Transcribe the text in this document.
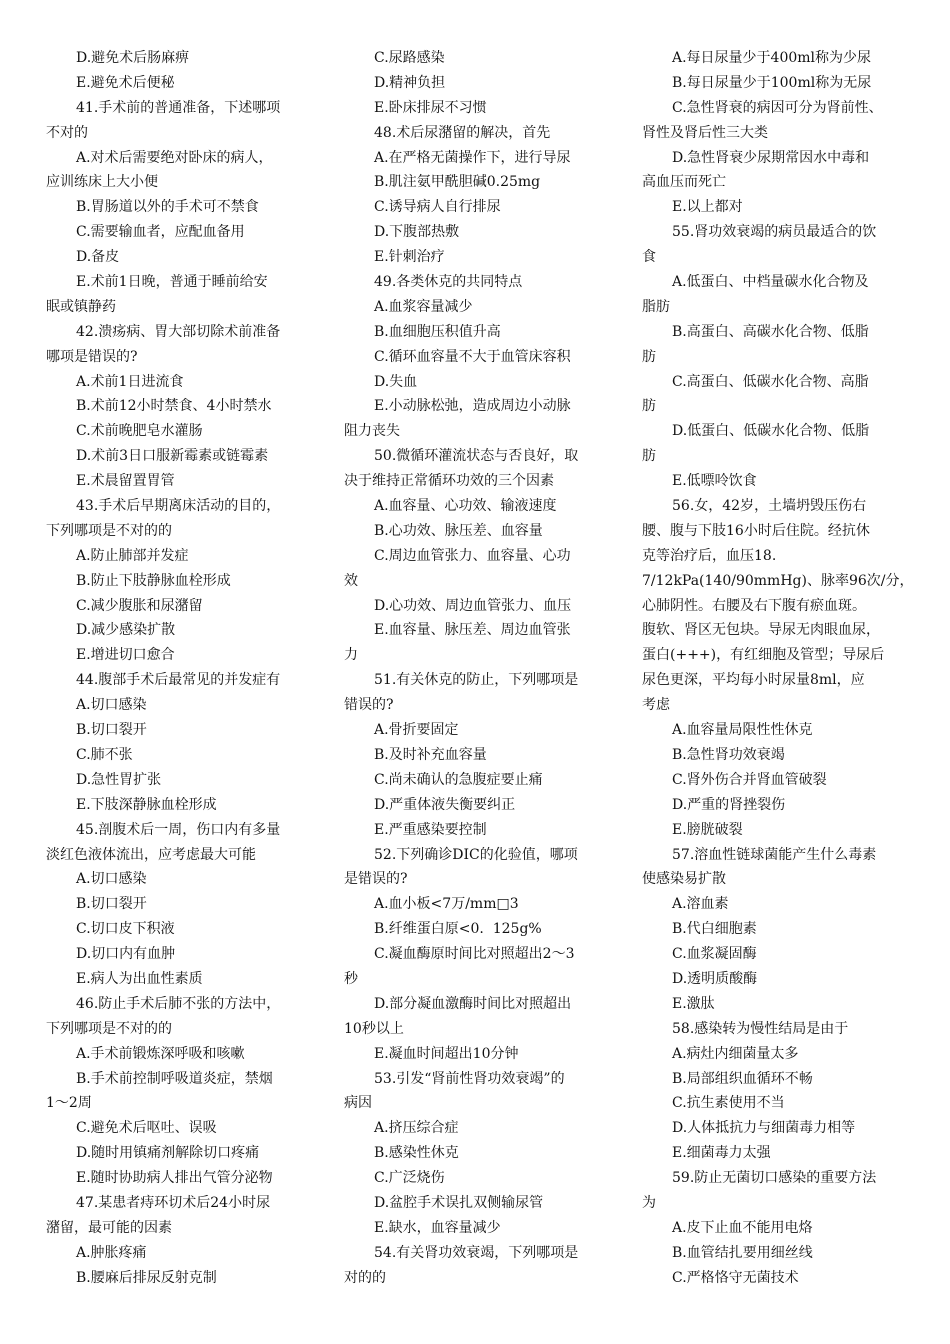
D.避免术后肠麻痹
E.避免术后便秘
41.手术前的普通准备，下述哪项
不对的
A.对术后需要绝对卧床的病人，
应训练床上大小便
B.胃肠道以外的手术可不禁食
C.需要输血者，应配血备用
D.备皮
E.术前1日晚，普通于睡前给安
眠或镇静药
42.溃疡病、胃大部切除术前准备
哪项是错误的?
A.术前1日进流食
B.术前12小时禁食、4小时禁水
C.术前晚肥皂水灌肠
D.术前3日口服新霉素或链霉素
E.术晨留置胃管
43.手术后早期离床活动的目的，
下列哪项是不对的的
A.防止肺部并发症
B.防止下肢静脉血栓形成
C.减少腹胀和尿潴留
D.减少感染扩散
E.增进切口愈合
44.腹部手术后最常见的并发症有
A.切口感染
B.切口裂开
C.肺不张
D.急性胃扩张
E.下肢深静脉血栓形成
45.剖腹术后一周，伤口内有多量
淡红色液体流出，应考虑最大可能
A.切口感染
B.切口裂开
C.切口皮下积液
D.切口内有血肿
E.病人为出血性素质
46.防止手术后肺不张的方法中，
下列哪项是不对的的
A.手术前锻炼深呼吸和咳嗽
B.手术前控制呼吸道炎症，禁烟
1～2周
C.避免术后呕吐、误吸
D.随时用镇痛剂解除切口疼痛
E.随时协助病人排出气管分泌物
47.某患者痔环切术后24小时尿
潴留，最可能的因素
A.肿胀疼痛
B.腰麻后排尿反射克制
C.尿路感染
D.精神负担
E.卧床排尿不习惯
48.术后尿潴留的解决，首先
A.在严格无菌操作下，进行导尿
B.肌注氨甲酰胆碱0.25mg
C.诱导病人自行排尿
D.下腹部热敷
E.针刺治疗
49.各类休克的共同特点
A.血浆容量减少
B.血细胞压积值升高
C.循环血容量不大于血管床容积
D.失血
E.小动脉松弛，造成周边小动脉
阻力丧失
50.微循环灌流状态与否良好，取
决于维持正常循环功效的三个因素
A.血容量、心功效、输液速度
B.心功效、脉压差、血容量
C.周边血管张力、血容量、心功
效
D.心功效、周边血管张力、血压
E.血容量、脉压差、周边血管张
力
51.有关休克的防止，下列哪项是
错误的?
A.骨折要固定
B.及时补充血容量
C.尚未确认的急腹症要止痛
D.严重体液失衡要纠正
E.严重感染要控制
52.下列确诊DIC的化验值，哪项
是错误的?
A.血小板<7万/mm□3
B.纤维蛋白原<0.  125g%
C.凝血酶原时间比对照超出2～3
秒
D.部分凝血激酶时间比对照超出
10秒以上
E.凝血时间超出10分钟
53.引发“肾前性肾功效衰竭”的
病因
A.挤压综合症
B.感染性休克
C.广泛烧伤
D.盆腔手术误扎双侧输尿管
E.缺水，血容量减少
54.有关肾功效衰竭，下列哪项是
对的的
A.每日尿量少于400ml称为少尿
B.每日尿量少于100ml称为无尿
C.急性肾衰的病因可分为肾前性、
肾性及肾后性三大类
D.急性肾衰少尿期常因水中毒和
高血压而死亡
E.以上都对
55.肾功效衰竭的病员最适合的饮
食
A.低蛋白、中档量碳水化合物及
脂肪
B.高蛋白、高碳水化合物、低脂
肪
C.高蛋白、低碳水化合物、高脂
肪
D.低蛋白、低碳水化合物、低脂
肪
E.低嘌呤饮食
56.女，42岁，土墙坍毁压伤右
腰、腹与下肢16小时后住院。经抗休
克等治疗后，血压18.
7/12kPa(140/90mmHg)、脉率96次/分，
心肺阴性。右腰及右下腹有瘀血斑。
腹软、肾区无包块。导尿无肉眼血尿，
蛋白(+++)，有红细胞及管型；导尿后
尿色更深，平均每小时尿量8ml，应
考虑
A.血容量局限性性休克
B.急性肾功效衰竭
C.肾外伤合并肾血管破裂
D.严重的肾挫裂伤
E.膀胱破裂
57.溶血性链球菌能产生什么毒素
使感染易扩散
A.溶血素
B.代白细胞素
C.血浆凝固酶
D.透明质酸酶
E.激肽
58.感染转为慢性结局是由于
A.病灶内细菌量太多
B.局部组织血循环不畅
C.抗生素使用不当
D.人体抵抗力与细菌毒力相等
E.细菌毒力太强
59.防止无菌切口感染的重要方法
为
A.皮下止血不能用电烙
B.血管结扎要用细丝线
C.严格恪守无菌技术
